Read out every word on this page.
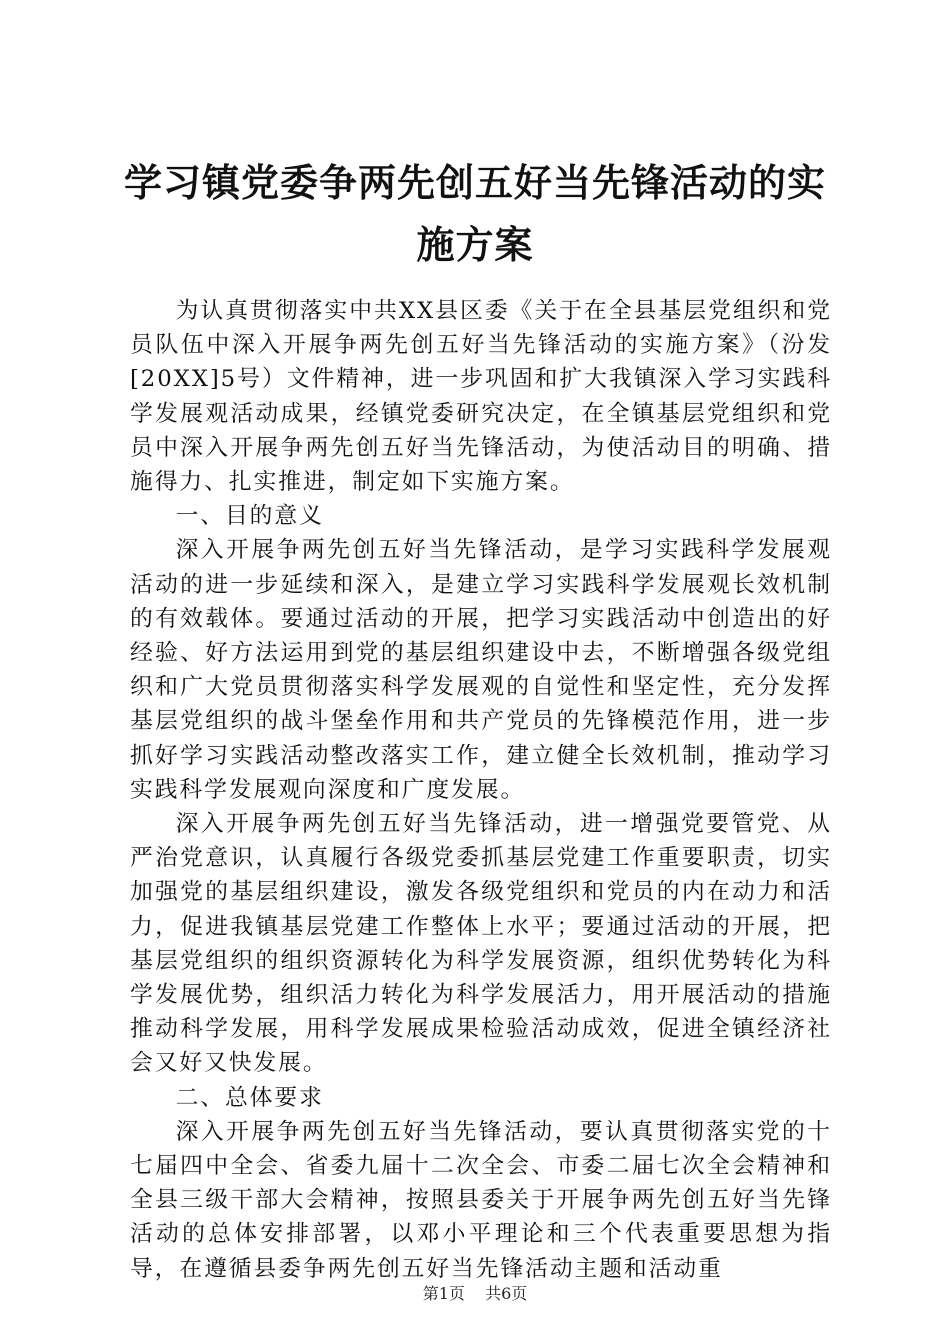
学习镇党委争两先创五好当先锋活动的实施方案

为认真贯彻落实中共XX县区委《关于在全县基层党组织和党员队伍中深入开展争两先创五好当先锋活动的实施方案》（汾发[20XX]5号）文件精神，进一步巩固和扩大我镇深入学习实践科学发展观活动成果，经镇党委研究决定，在全镇基层党组织和党员中深入开展争两先创五好当先锋活动，为使活动目的明确、措施得力、扎实推进，制定如下实施方案。

一、目的意义

深入开展争两先创五好当先锋活动，是学习实践科学发展观活动的进一步延续和深入，是建立学习实践科学发展观长效机制的有效载体。要通过活动的开展，把学习实践活动中创造出的好经验、好方法运用到党的基层组织建设中去，不断增强各级党组织和广大党员贯彻落实科学发展观的自觉性和坚定性，充分发挥基层党组织的战斗堡垒作用和共产党员的先锋模范作用，进一步抓好学习实践活动整改落实工作，建立健全长效机制，推动学习实践科学发展观向深度和广度发展。

深入开展争两先创五好当先锋活动，进一增强党要管党、从严治党意识，认真履行各级党委抓基层党建工作重要职责，切实加强党的基层组织建设，激发各级党组织和党员的内在动力和活力，促进我镇基层党建工作整体上水平；要通过活动的开展，把基层党组织的组织资源转化为科学发展资源，组织优势转化为科学发展优势，组织活力转化为科学发展活力，用开展活动的措施推动科学发展，用科学发展成果检验活动成效，促进全镇经济社会又好又快发展。

二、总体要求

深入开展争两先创五好当先锋活动，要认真贯彻落实党的十七届四中全会、省委九届十二次全会、市委二届七次全会精神和全县三级干部大会精神，按照县委关于开展争两先创五好当先锋活动的总体安排部署，以邓小平理论和三个代表重要思想为指导，在遵循县委争两先创五好当先锋活动主题和活动重

第1页 共6页
